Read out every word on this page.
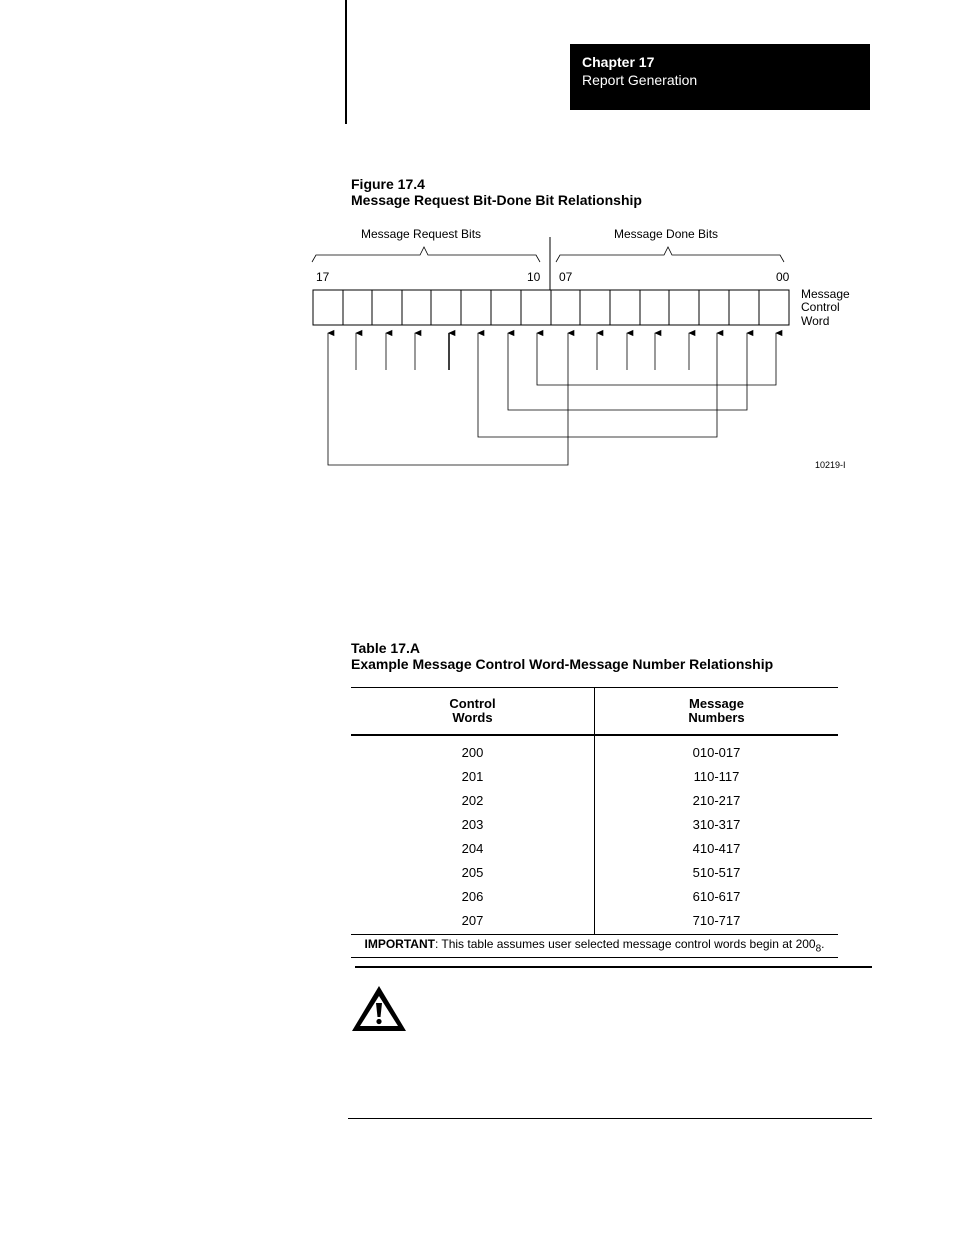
Chapter 17
Report Generation
Figure 17.4
Message Request Bit-Done Bit Relationship
Message Request Bits	Message Done Bits
17	10 07	00
Message
Control
Word
10219-I
Table 17.A
Example Message Control Word-Message Number Relationship
Control
Words	Message
Numbers
200	010-017
201	110-117
202	210-217
203	310-317
204	410-417
205	510-517
206	610-617
207	710-717
IMPORTANT: This table assumes user selected message control words begin at $200_8$.	
